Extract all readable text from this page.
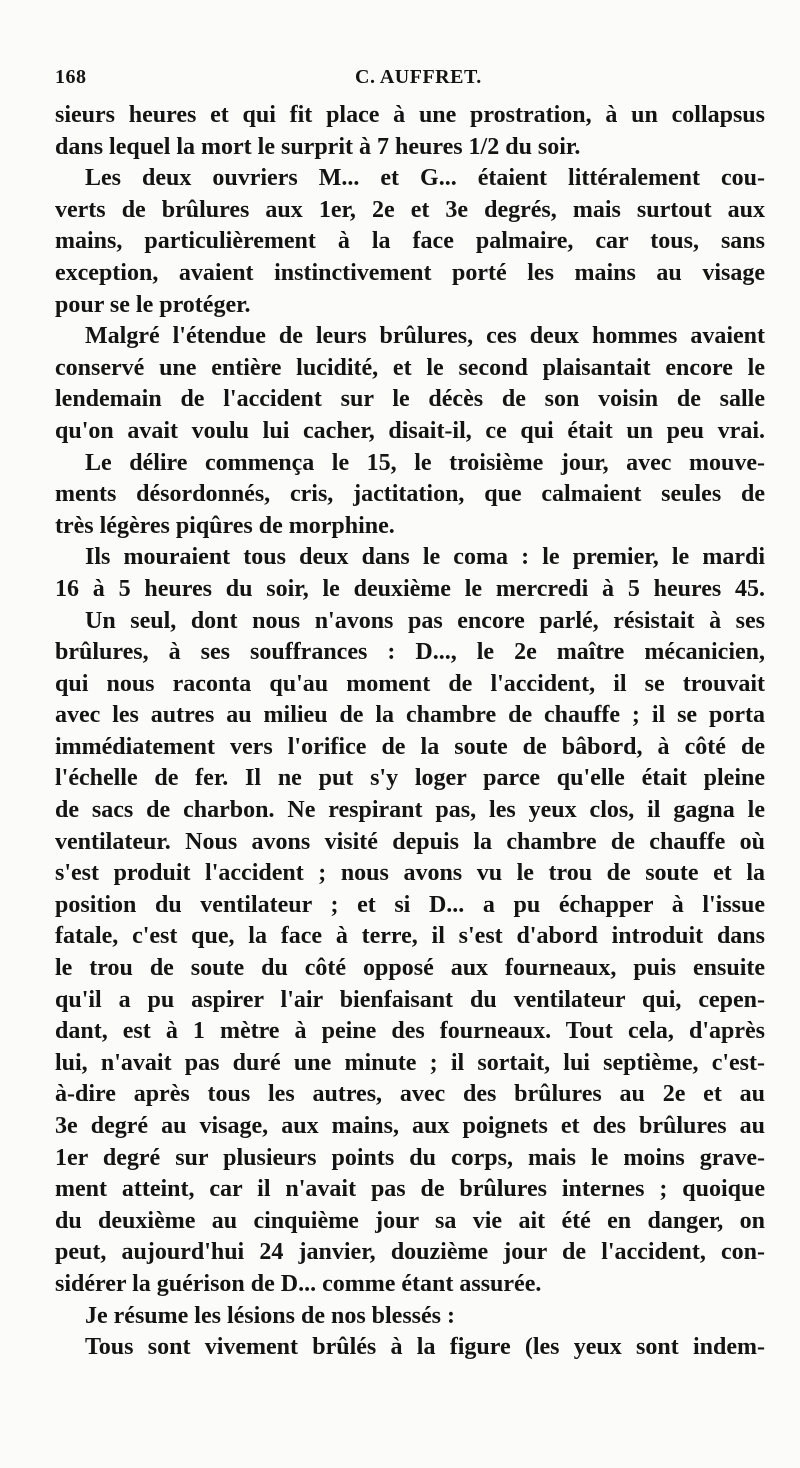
168	C. AUFFRET.
sieurs heures et qui fit place à une prostration, à un collapsus
dans lequel la mort le surprit à 7 heures 1/2 du soir.
Les deux ouvriers M... et G... étaient littéralement cou-
verts de brûlures aux 1er, 2e et 3e degrés, mais surtout aux
mains, particulièrement à la face palmaire, car tous, sans
exception, avaient instinctivement porté les mains au visage
pour se le protéger.
Malgré l'étendue de leurs brûlures, ces deux hommes avaient
conservé une entière lucidité, et le second plaisantait encore le
lendemain de l'accident sur le décès de son voisin de salle
qu'on avait voulu lui cacher, disait-il, ce qui était un peu vrai.
Le délire commença le 15, le troisième jour, avec mouve-
ments désordonnés, cris, jactitation, que calmaient seules de
très légères piqûres de morphine.
Ils mouraient tous deux dans le coma : le premier, le mardi
16 à 5 heures du soir, le deuxième le mercredi à 5 heures 45.
Un seul, dont nous n'avons pas encore parlé, résistait à ses
brûlures, à ses souffrances : D..., le 2e maître mécanicien,
qui nous raconta qu'au moment de l'accident, il se trouvait
avec les autres au milieu de la chambre de chauffe ; il se porta
immédiatement vers l'orifice de la soute de bâbord, à côté de
l'échelle de fer. Il ne put s'y loger parce qu'elle était pleine
de sacs de charbon. Ne respirant pas, les yeux clos, il gagna le
ventilateur. Nous avons visité depuis la chambre de chauffe où
s'est produit l'accident ; nous avons vu le trou de soute et la
position du ventilateur ; et si D... a pu échapper à l'issue
fatale, c'est que, la face à terre, il s'est d'abord introduit dans
le trou de soute du côté opposé aux fourneaux, puis ensuite
qu'il a pu aspirer l'air bienfaisant du ventilateur qui, cepen-
dant, est à 1 mètre à peine des fourneaux. Tout cela, d'après
lui, n'avait pas duré une minute ; il sortait, lui septième, c'est-
à-dire après tous les autres, avec des brûlures au 2e et au
3e degré au visage, aux mains, aux poignets et des brûlures au
1er degré sur plusieurs points du corps, mais le moins grave-
ment atteint, car il n'avait pas de brûlures internes ; quoique
du deuxième au cinquième jour sa vie ait été en danger, on
peut, aujourd'hui 24 janvier, douzième jour de l'accident, con-
sidérer la guérison de D... comme étant assurée.
Je résume les lésions de nos blessés :
Tous sont vivement brûlés à la figure (les yeux sont indem-
